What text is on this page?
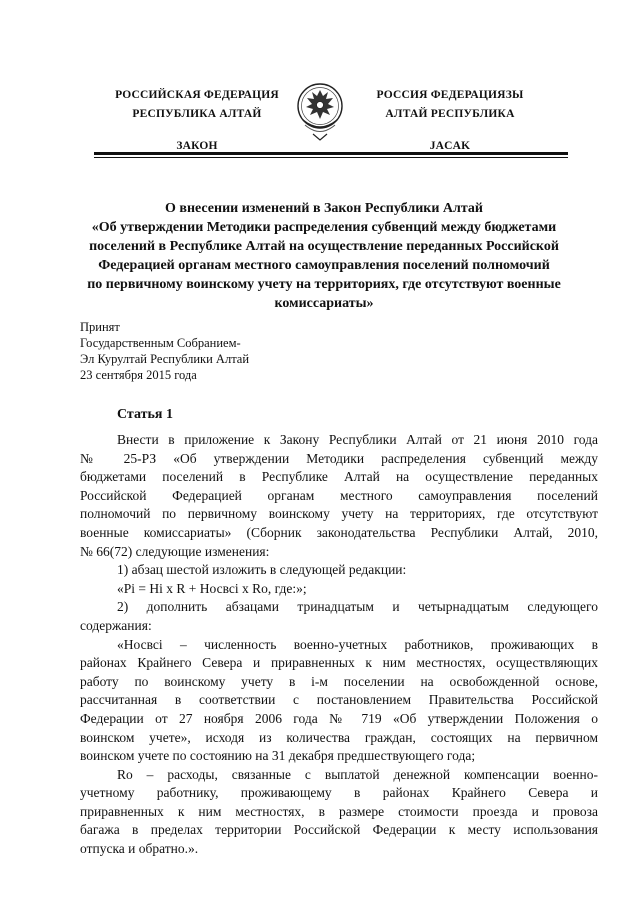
РОССИЙСКАЯ ФЕДЕРАЦИЯ
РЕСПУБЛИКА АЛТАЙ
ЗАКОН
РОССИЯ ФЕДЕРАЦИЯЗЫ
АЛТАЙ РЕСПУБЛИКА
JACAK
О внесении изменений в Закон Республики Алтай
«Об утверждении Методики распределения субвенций между бюджетами
поселений в Республике Алтай на осуществление переданных Российской
Федерацией органам местного самоуправления поселений полномочий
по первичному воинскому учету на территориях, где отсутствуют военные
комиссариаты»
Принят
Государственным Собранием-
Эл Курултай Республики Алтай
23 сентября 2015 года
Статья 1
Внести в приложение к Закону Республики Алтай от 21 июня 2010 года
№ 25-РЗ «Об утверждении Методики распределения субвенций между
бюджетами поселений в Республике Алтай на осуществление переданных
Российской Федерацией органам местного самоуправления поселений
полномочий по первичному воинскому учету на территориях, где отсутствуют
военные комиссариаты» (Сборник законодательства Республики Алтай, 2010,
№ 66(72) следующие изменения:
1) абзац шестой изложить в следующей редакции:
«Pi = Hi x R + Hосвсі x Ro, где:»;
2) дополнить абзацами тринадцатым и четырнадцатым следующего
содержания:
«Носвсі – численность военно-учетных работников, проживающих в
районах Крайнего Севера и приравненных к ним местностях, осуществляющих
работу по воинскому учету в i-м поселении на освобожденной основе,
рассчитанная в соответствии с постановлением Правительства Российской
Федерации от 27 ноября 2006 года № 719 «Об утверждении Положения о
воинском учете», исходя из количества граждан, состоящих на первичном
воинском учете по состоянию на 31 декабря предшествующего года;
Ro – расходы, связанные с выплатой денежной компенсации военно-
учетному работнику, проживающему в районах Крайнего Севера и
приравненных к ним местностях, в размере стоимости проезда и провоза
багажа в пределах территории Российской Федерации к месту использования
отпуска и обратно.».
